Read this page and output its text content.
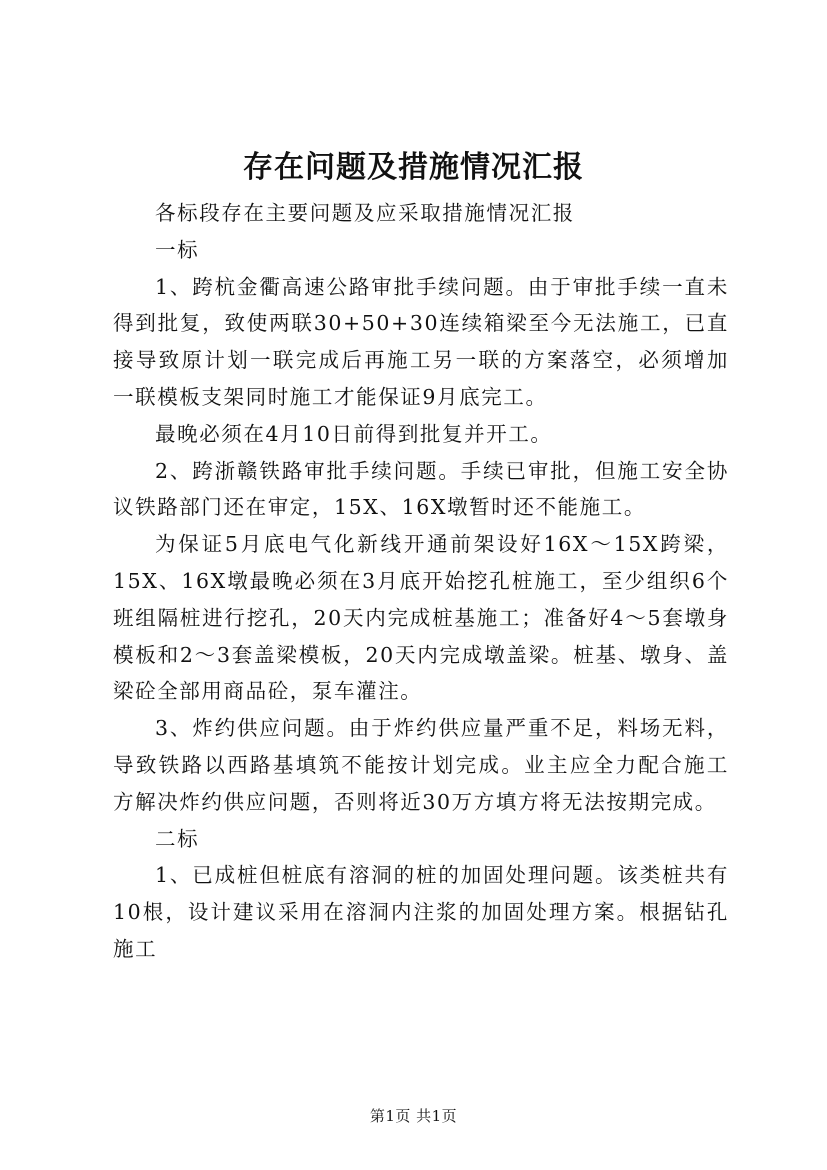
存在问题及措施情况汇报

各标段存在主要问题及应采取措施情况汇报

一标

1、跨杭金衢高速公路审批手续问题。由于审批手续一直未得到批复，致使两联30+50+30连续箱梁至今无法施工，已直接导致原计划一联完成后再施工另一联的方案落空，必须增加一联模板支架同时施工才能保证9月底完工。

最晚必须在4月10日前得到批复并开工。

2、跨浙赣铁路审批手续问题。手续已审批，但施工安全协议铁路部门还在审定，15X、16X墩暂时还不能施工。

为保证5月底电气化新线开通前架设好16X～15X跨梁，15X、16X墩最晚必须在3月底开始挖孔桩施工，至少组织6个班组隔桩进行挖孔，20天内完成桩基施工；准备好4～5套墩身模板和2～3套盖梁模板，20天内完成墩盖梁。桩基、墩身、盖梁砼全部用商品砼，泵车灌注。

3、炸约供应问题。由于炸约供应量严重不足，料场无料，导致铁路以西路基填筑不能按计划完成。业主应全力配合施工方解决炸约供应问题，否则将近30万方填方将无法按期完成。

二标

1、已成桩但桩底有溶洞的桩的加固处理问题。该类桩共有10根，设计建议采用在溶洞内注浆的加固处理方案。根据钻孔施工

第1页 共1页
